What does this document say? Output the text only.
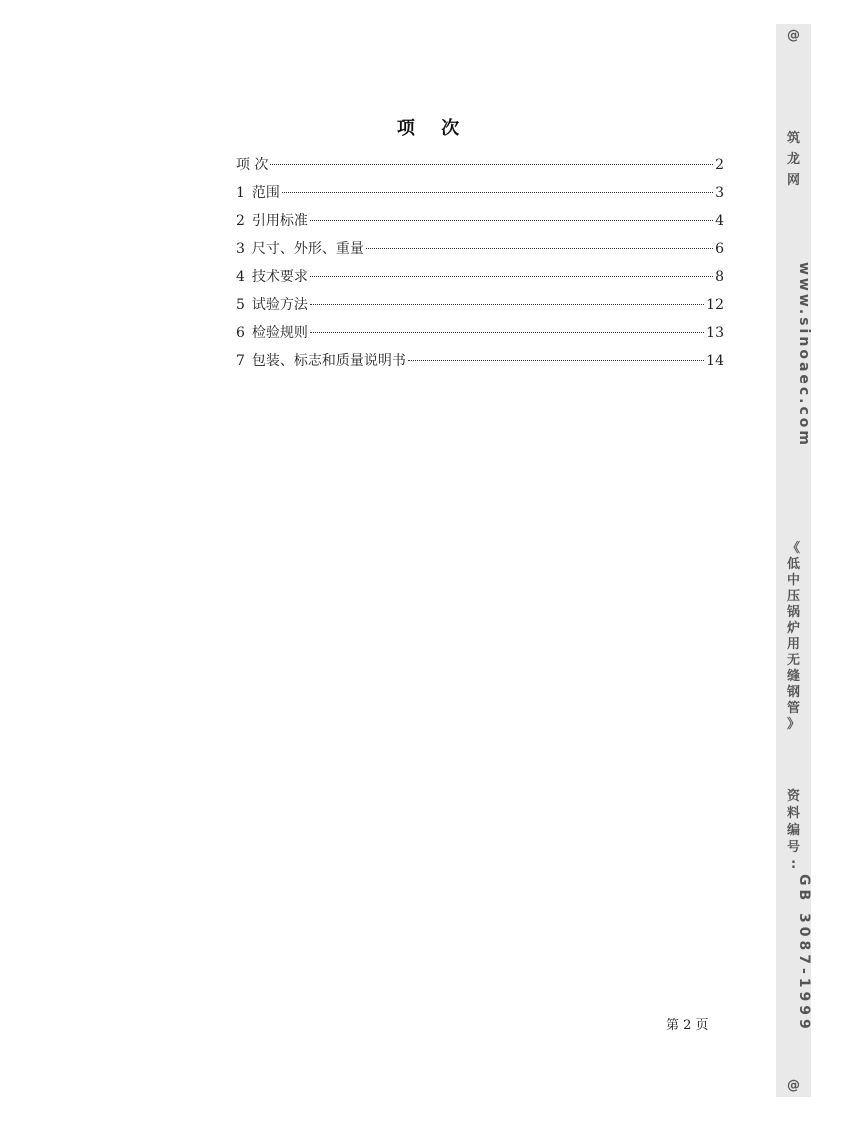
项 次
项 次	2
1 范围	3
2 引用标准	4
3 尺寸、外形、重量	6
4 技术要求	8
5 试验方法	12
6 检验规则	13
7 包装、标志和质量说明书	14
第 2 页
@
筑
龙
网
www.sinoaec.com
《
低
中
压
锅
炉
用
无
缝
钢
管
》
资
料
编
号
:
GB 3087-1999
@
